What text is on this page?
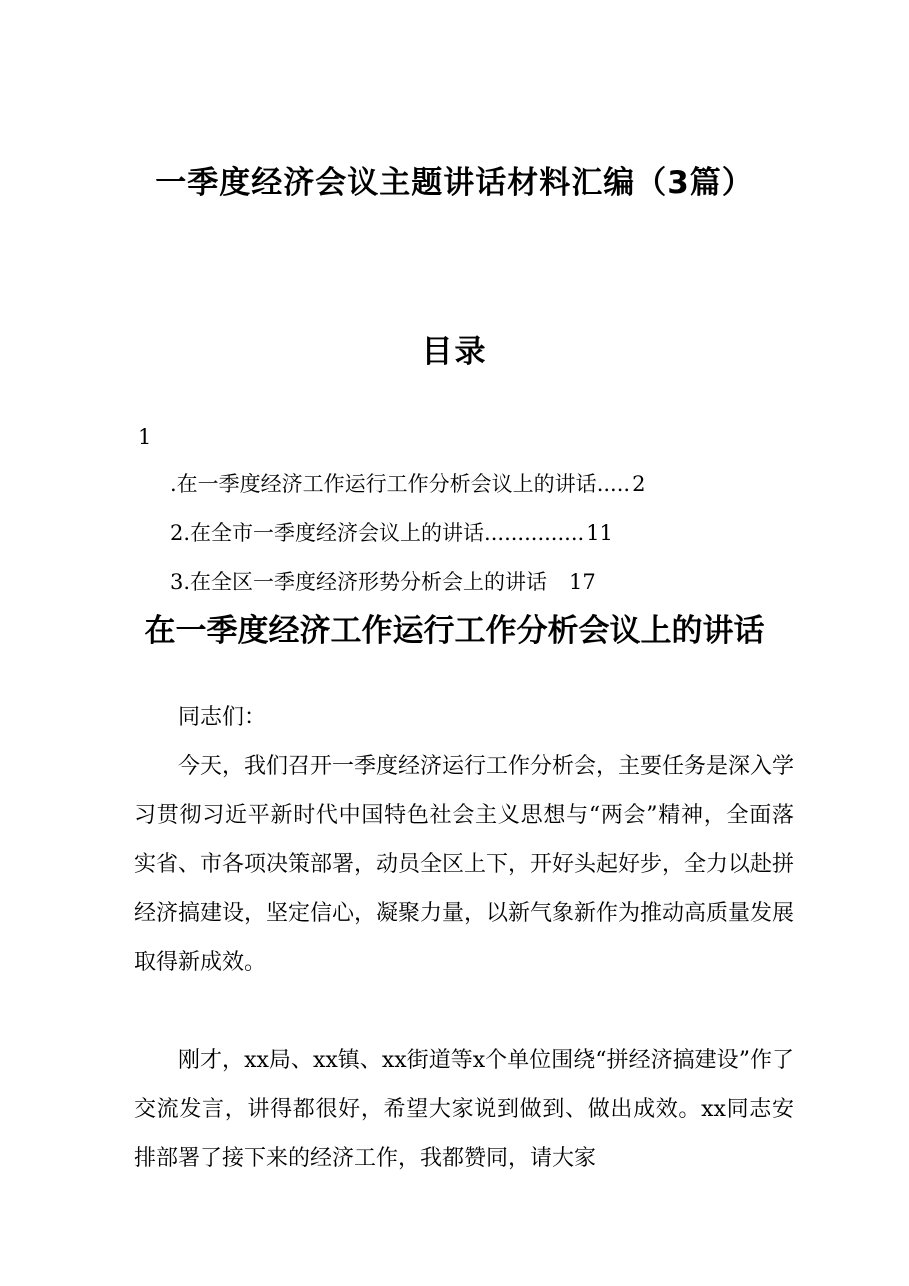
一季度经济会议主题讲话材料汇编（3篇）
目录
1
.在一季度经济工作运行工作分析会议上的讲话.....2
2.在全市一季度经济会议上的讲话...............11
3.在全区一季度经济形势分析会上的讲话 17
在一季度经济工作运行工作分析会议上的讲话

同志们：

今天，我们召开一季度经济运行工作分析会，主要任务是深入学习贯彻习近平新时代中国特色社会主义思想与“两会”精神，全面落实省、市各项决策部署，动员全区上下，开好头起好步，全力以赴拼经济搞建设，坚定信心，凝聚力量，以新气象新作为推动高质量发展取得新成效。

刚才，xx局、xx镇、xx街道等x个单位围绕“拼经济搞建设”作了交流发言，讲得都很好，希望大家说到做到、做出成效。xx同志安排部署了接下来的经济工作，我都赞同，请大家
